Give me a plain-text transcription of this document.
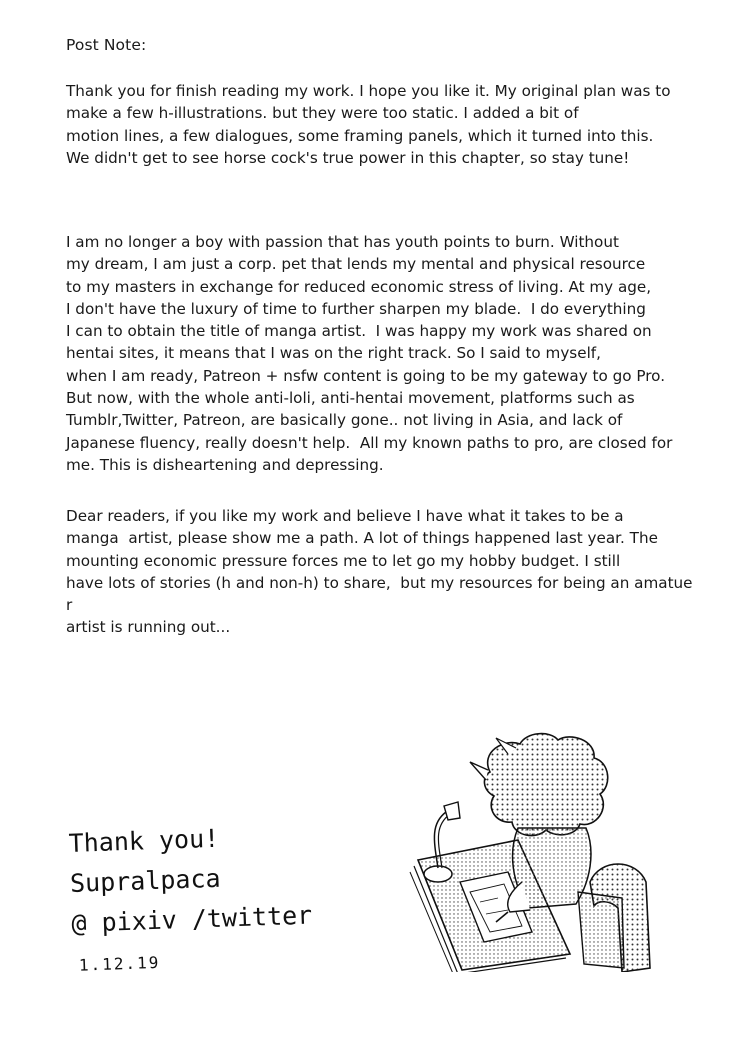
Post Note:
Thank you for finish reading my work. I hope you like it. My original plan was to
make a few h-illustrations. but they were too static. I added a bit of
motion lines, a few dialogues, some framing panels, which it turned into this.
We didn't get to see horse cock's true power in this chapter, so stay tune!
I am no longer a boy with passion that has youth points to burn. Without
my dream, I am just a corp. pet that lends my mental and physical resource
to my masters in exchange for reduced economic stress of living. At my age,
I don't have the luxury of time to further sharpen my blade.  I do everything
I can to obtain the title of manga artist.  I was happy my work was shared on
hentai sites, it means that I was on the right track. So I said to myself,
when I am ready, Patreon + nsfw content is going to be my gateway to go Pro.
But now, with the whole anti-loli, anti-hentai movement, platforms such as
Tumblr,Twitter, Patreon, are basically gone.. not living in Asia, and lack of
Japanese fluency, really doesn't help.  All my known paths to pro, are closed for
me. This is disheartening and depressing.
Dear readers, if you like my work and believe I have what it takes to be a
manga  artist, please show me a path. A lot of things happened last year. The
mounting economic pressure forces me to let go my hobby budget. I still
have lots of stories (h and non-h) to share,  but my resources for being an amatue
r
artist is running out...
Thank you!
Supralpaca
@ pixiv /twitter
1.12.19
